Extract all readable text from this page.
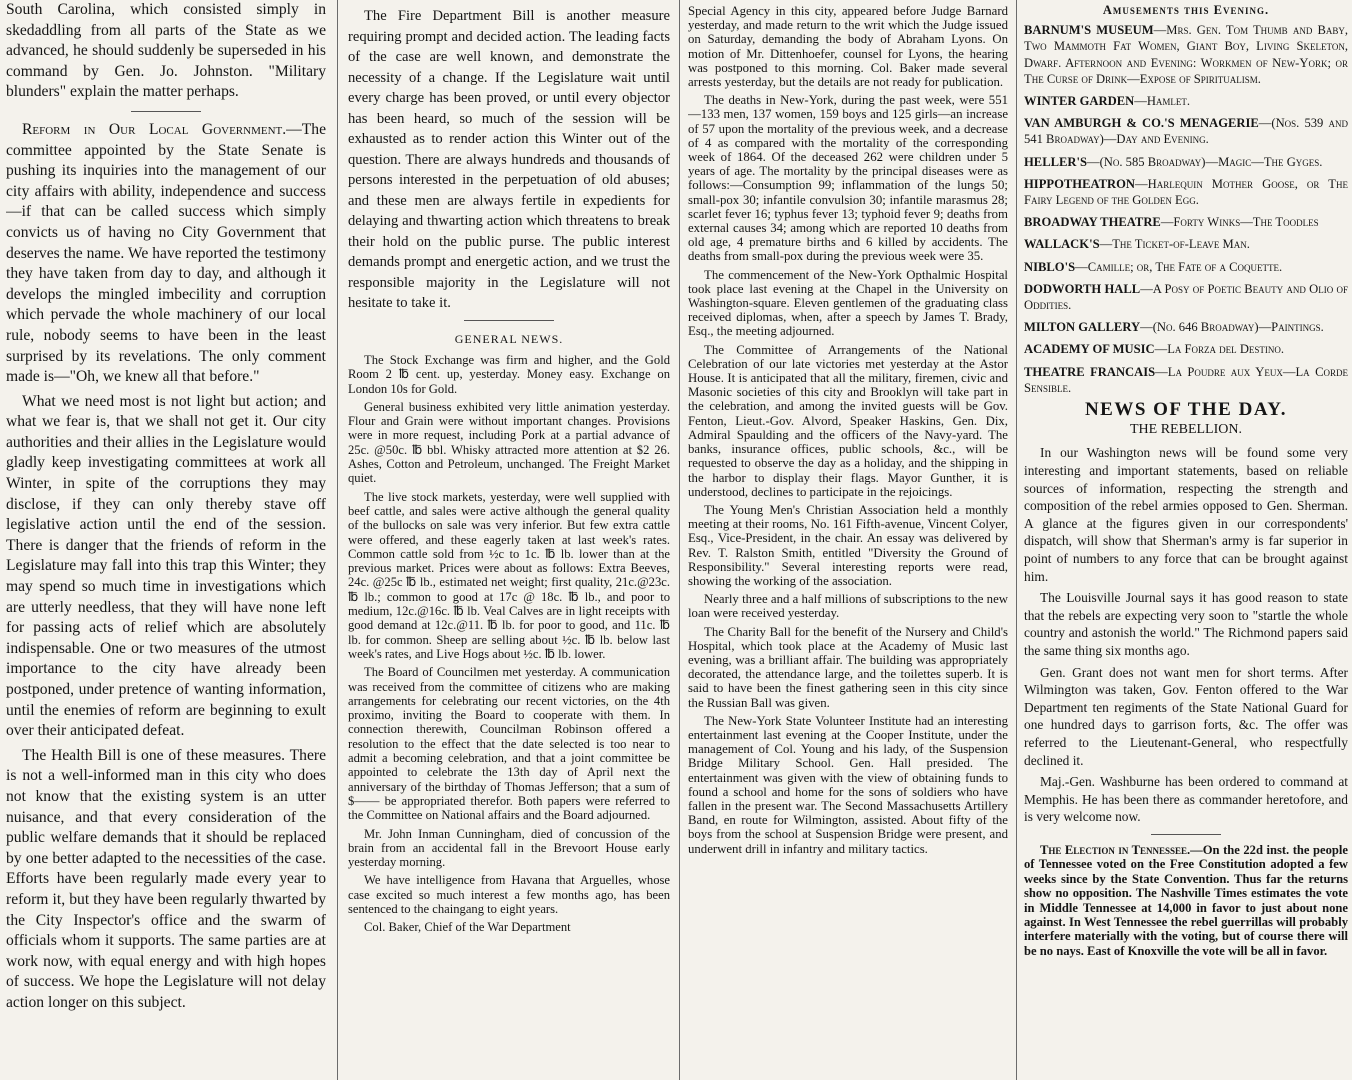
South Carolina, which consisted simply in skedaddling from all parts of the State as we advanced, he should suddenly be superseded in his command by Gen. Jo. Johnston. "Military blunders" explain the matter perhaps.

Reform in Our Local Government.—The committee appointed by the State Senate is pushing its inquiries into the management of our city affairs with ability, independence and success—if that can be called success which simply convicts us of having no City Government that deserves the name. We have reported the testimony they have taken from day to day, and although it develops the mingled imbecility and corruption which pervade the whole machinery of our local rule, nobody seems to have been in the least surprised by its revelations. The only comment made is—"Oh, we knew all that before."

What we need most is not light but action; and what we fear is, that we shall not get it. Our city authorities and their allies in the Legislature would gladly keep investigating committees at work all Winter, in spite of the corruptions they may disclose, if they can only thereby stave off legislative action until the end of the session. There is danger that the friends of reform in the Legislature may fall into this trap this Winter; they may spend so much time in investigations which are utterly needless, that they will have none left for passing acts of relief which are absolutely indispensable. One or two measures of the utmost importance to the city have already been postponed, under pretence of wanting information, until the enemies of reform are beginning to exult over their anticipated defeat.

The Health Bill is one of these measures. There is not a well-informed man in this city who does not know that the existing system is an utter nuisance, and that every consideration of the public welfare demands that it should be replaced by one better adapted to the necessities of the case. Efforts have been regularly made every year to reform it, but they have been regularly thwarted by the City Inspector's office and the swarm of officials whom it supports. The same parties are at work now, with equal energy and with high hopes of success. We hope the Legislature will not delay action longer on this subject.

The Fire Department Bill is another measure requiring prompt and decided action. The leading facts of the case are well known, and demonstrate the necessity of a change. If the Legislature wait until every charge has been proved, or until every objector has been heard, so much of the session will be exhausted as to render action this Winter out of the question. There are always hundreds and thousands of persons interested in the perpetuation of old abuses; and these men are always fertile in expedients for delaying and thwarting action which threatens to break their hold on the public purse. The public interest demands prompt and energetic action, and we trust the responsible majority in the Legislature will not hesitate to take it.

GENERAL NEWS.

The Stock Exchange was firm and higher, and the Gold Room 2 ℔ cent. up, yesterday. Money easy. Exchange on London 10s for Gold.

General business exhibited very little animation yesterday. Flour and Grain were without important changes. Provisions were in more request, including Pork at a partial advance of 25c. @50c. ℔ bbl. Whisky attracted more attention at $2 26. Ashes, Cotton and Petroleum, unchanged. The Freight Market quiet.

The live stock markets, yesterday, were well supplied with beef cattle, and sales were active although the general quality of the bullocks on sale was very inferior. But few extra cattle were offered, and these eagerly taken at last week's rates. Common cattle sold from ½c to 1c. ℔ lb. lower than at the previous market. Prices were about as follows: Extra Beeves, 24c. @25c ℔ lb., estimated net weight; first quality, 21c.@23c. ℔ lb.; common to good at 17c @ 18c. ℔ lb., and poor to medium, 12c.@16c. ℔ lb. Veal Calves are in light receipts with good demand at 12c.@11. ℔ lb. for poor to good, and 11c. ℔ lb. for common. Sheep are selling about ½c. ℔ lb. below last week's rates, and Live Hogs about ½c. ℔ lb. lower.

The Board of Councilmen met yesterday. A communication was received from the committee of citizens who are making arrangements for celebrating our recent victories, on the 4th proximo, inviting the Board to cooperate with them. In connection therewith, Councilman Robinson offered a resolution to the effect that the date selected is too near to admit a becoming celebration, and that a joint committee be appointed to celebrate the 13th day of April next the anniversary of the birthday of Thomas Jefferson; that a sum of $—— be appropriated therefor. Both papers were referred to the Committee on National affairs and the Board adjourned.

Mr. John Inman Cunningham, died of concussion of the brain from an accidental fall in the Brevoort House early yesterday morning.

We have intelligence from Havana that Arguelles, whose case excited so much interest a few months ago, has been sentenced to the chaingang to eight years.

Col. Baker, Chief of the War Department

Special Agency in this city, appeared before Judge Barnard yesterday, and made return to the writ which the Judge issued on Saturday, demanding the body of Abraham Lyons. On motion of Mr. Dittenhoefer, counsel for Lyons, the hearing was postponed to this morning. Col. Baker made several arrests yesterday, but the details are not ready for publication.

The deaths in New-York, during the past week, were 551—133 men, 137 women, 159 boys and 125 girls—an increase of 57 upon the mortality of the previous week, and a decrease of 4 as compared with the mortality of the corresponding week of 1864. Of the deceased 262 were children under 5 years of age. The mortality by the principal diseases were as follows:—Consumption 99; inflammation of the lungs 50; small-pox 30; infantile convulsion 30; infantile marasmus 28; scarlet fever 16; typhus fever 13; typhoid fever 9; deaths from external causes 34; among which are reported 10 deaths from old age, 4 premature births and 6 killed by accidents. The deaths from small-pox during the previous week were 35.

The commencement of the New-York Opthalmic Hospital took place last evening at the Chapel in the University on Washington-square. Eleven gentlemen of the graduating class received diplomas, when, after a speech by James T. Brady, Esq., the meeting adjourned.

The Committee of Arrangements of the National Celebration of our late victories met yesterday at the Astor House. It is anticipated that all the military, firemen, civic and Masonic societies of this city and Brooklyn will take part in the celebration, and among the invited guests will be Gov. Fenton, Lieut.-Gov. Alvord, Speaker Haskins, Gen. Dix, Admiral Spaulding and the officers of the Navy-yard. The banks, insurance offices, public schools, &c., will be requested to observe the day as a holiday, and the shipping in the harbor to display their flags. Mayor Gunther, it is understood, declines to participate in the rejoicings.

The Young Men's Christian Association held a monthly meeting at their rooms, No. 161 Fifth-avenue, Vincent Colyer, Esq., Vice-President, in the chair. An essay was delivered by Rev. T. Ralston Smith, entitled "Diversity the Ground of Responsibility." Several interesting reports were read, showing the working of the association.

Nearly three and a half millions of subscriptions to the new loan were received yesterday.

The Charity Ball for the benefit of the Nursery and Child's Hospital, which took place at the Academy of Music last evening, was a brilliant affair. The building was appropriately decorated, the attendance large, and the toilettes superb. It is said to have been the finest gathering seen in this city since the Russian Ball was given.

The New-York State Volunteer Institute had an interesting entertainment last evening at the Cooper Institute, under the management of Col. Young and his lady, of the Suspension Bridge Military School. Gen. Hall presided. The entertainment was given with the view of obtaining funds to found a school and home for the sons of soldiers who have fallen in the present war. The Second Massachusetts Artillery Band, en route for Wilmington, assisted. About fifty of the boys from the school at Suspension Bridge were present, and underwent drill in infantry and military tactics.

Amusements this Evening.

BARNUM'S MUSEUM—Mrs. Gen. Tom Thumb and Baby, Two Mammoth Fat Women, Giant Boy, Living Skeleton, Dwarf. Afternoon and Evening: Workmen of New-York; or The Curse of Drink—Expose of Spiritualism.

WINTER GARDEN—Hamlet.

VAN AMBURGH & CO.'S MENAGERIE—(Nos. 539 and 541 Broadway)—Day and Evening.

HELLER'S—(No. 585 Broadway)—Magic—The Gyges.

HIPPOTHEATRON—Harlequin Mother Goose, or The Fairy Legend of the Golden Egg.

BROADWAY THEATRE—Forty Winks—The Toodles

WALLACK'S—The Ticket-of-Leave Man.

NIBLO'S—Camille; or, The Fate of a Coquette.

DODWORTH HALL—A Posy of Poetic Beauty and Olio of Oddities.

MILTON GALLERY—(No. 646 Broadway)—Paintings.

ACADEMY OF MUSIC—La Forza del Destino.

THEATRE FRANCAIS—La Poudre aux Yeux—La Corde Sensible.

NEWS OF THE DAY.
THE REBELLION.

In our Washington news will be found some very interesting and important statements, based on reliable sources of information, respecting the strength and composition of the rebel armies opposed to Gen. Sherman. A glance at the figures given in our correspondents' dispatch, will show that Sherman's army is far superior in point of numbers to any force that can be brought against him.

The Louisville Journal says it has good reason to state that the rebels are expecting very soon to "startle the whole country and astonish the world." The Richmond papers said the same thing six months ago.

Gen. Grant does not want men for short terms. After Wilmington was taken, Gov. Fenton offered to the War Department ten regiments of the State National Guard for one hundred days to garrison forts, &c. The offer was referred to the Lieutenant-General, who respectfully declined it.

Maj.-Gen. Washburne has been ordered to command at Memphis. He has been there as commander heretofore, and is very welcome now.

The Election in Tennessee.—On the 22d inst. the people of Tennessee voted on the Free Constitution adopted a few weeks since by the State Convention. Thus far the returns show no opposition. The Nashville Times estimates the vote in Middle Tennessee at 14,000 in favor to just about none against. In West Tennessee the rebel guerrillas will probably interfere materially with the voting, but of course there will be no nays. East of Knoxville the vote will be all in favor.
